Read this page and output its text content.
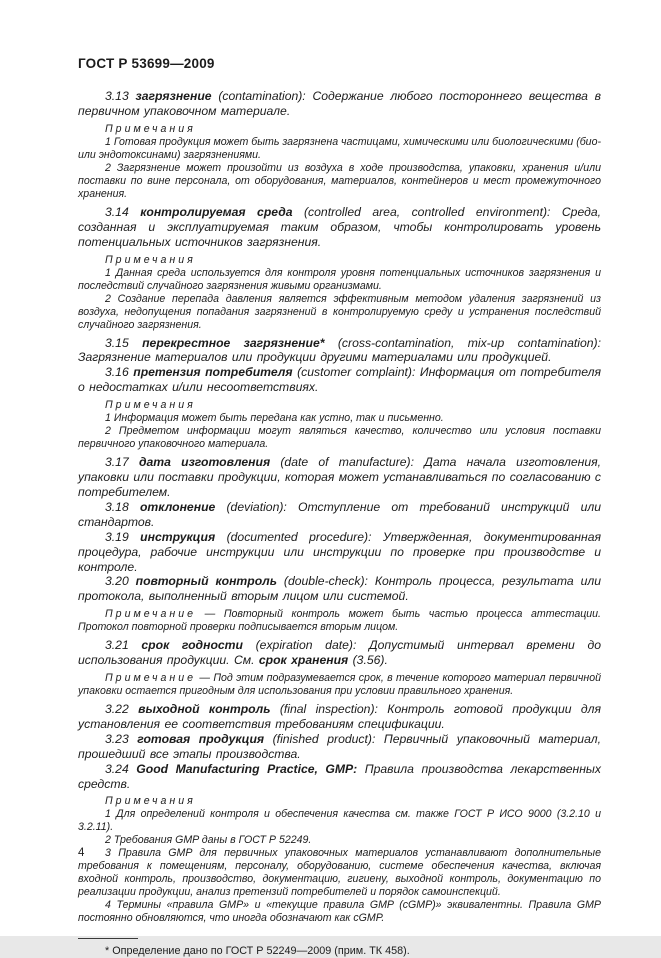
ГОСТ Р 53699—2009

3.13 загрязнение (contamination): Содержание любого постороннего вещества в первичном упаковочном материале.

Примечания

1 Готовая продукция может быть загрязнена частицами, химическими или биологическими (био- или эндотоксинами) загрязнениями.

2 Загрязнение может произойти из воздуха в ходе производства, упаковки, хранения и/или поставки по вине персонала, от оборудования, материалов, контейнеров и мест промежуточного хранения.

3.14 контролируемая среда (controlled area, controlled environment): Среда, созданная и эксплуатируемая таким образом, чтобы контролировать уровень потенциальных источников загрязнения.

Примечания

1 Данная среда используется для контроля уровня потенциальных источников загрязнения и последствий случайного загрязнения живыми организмами.

2 Создание перепада давления является эффективным методом удаления загрязнений из воздуха, недопущения попадания загрязнений в контролируемую среду и устранения последствий случайного загрязнения.

3.15 перекрестное загрязнение* (cross-contamination, mix-up contamination): Загрязнение материалов или продукции другими материалами или продукцией.

3.16 претензия потребителя (customer complaint): Информация от потребителя о недостатках и/или несоответствиях.

Примечания

1 Информация может быть передана как устно, так и письменно.

2 Предметом информации могут являться качество, количество или условия поставки первичного упаковочного материала.

3.17 дата изготовления (date of manufacture): Дата начала изготовления, упаковки или поставки продукции, которая может устанавливаться по согласованию с потребителем.

3.18 отклонение (deviation): Отступление от требований инструкций или стандартов.

3.19 инструкция (documented procedure): Утвержденная, документированная процедура, рабочие инструкции или инструкции по проверке при производстве и контроле.

3.20 повторный контроль (double-check): Контроль процесса, результата или протокола, выполненный вторым лицом или системой.

Примечание — Повторный контроль может быть частью процесса аттестации. Протокол повторной проверки подписывается вторым лицом.

3.21 срок годности (expiration date): Допустимый интервал времени до использования продукции. См. срок хранения (3.56).

Примечание — Под этим подразумевается срок, в течение которого материал первичной упаковки остается пригодным для использования при условии правильного хранения.

3.22 выходной контроль (final inspection): Контроль готовой продукции для установления ее соответствия требованиям спецификации.

3.23 готовая продукция (finished product): Первичный упаковочный материал, прошедший все этапы производства.

3.24 Good Manufacturing Practice, GMP: Правила производства лекарственных средств.

Примечания

1 Для определений контроля и обеспечения качества см. также ГОСТ Р ИСО 9000 (3.2.10 и 3.2.11).

2 Требования GMP даны в ГОСТ Р 52249.

3 Правила GMP для первичных упаковочных материалов устанавливают дополнительные требования к помещениям, персоналу, оборудованию, системе обеспечения качества, включая входной контроль, производство, документацию, гигиену, выходной контроль, документацию по реализации продукции, анализ претензий потребителей и порядок самоинспекций.

4 Термины «правила GMP» и «текущие правила GMP (cGMP)» эквивалентны. Правила GMP постоянно обновляются, что иногда обозначают как cGMP.

* Определение дано по ГОСТ Р 52249—2009 (прим. ТК 458).

4
